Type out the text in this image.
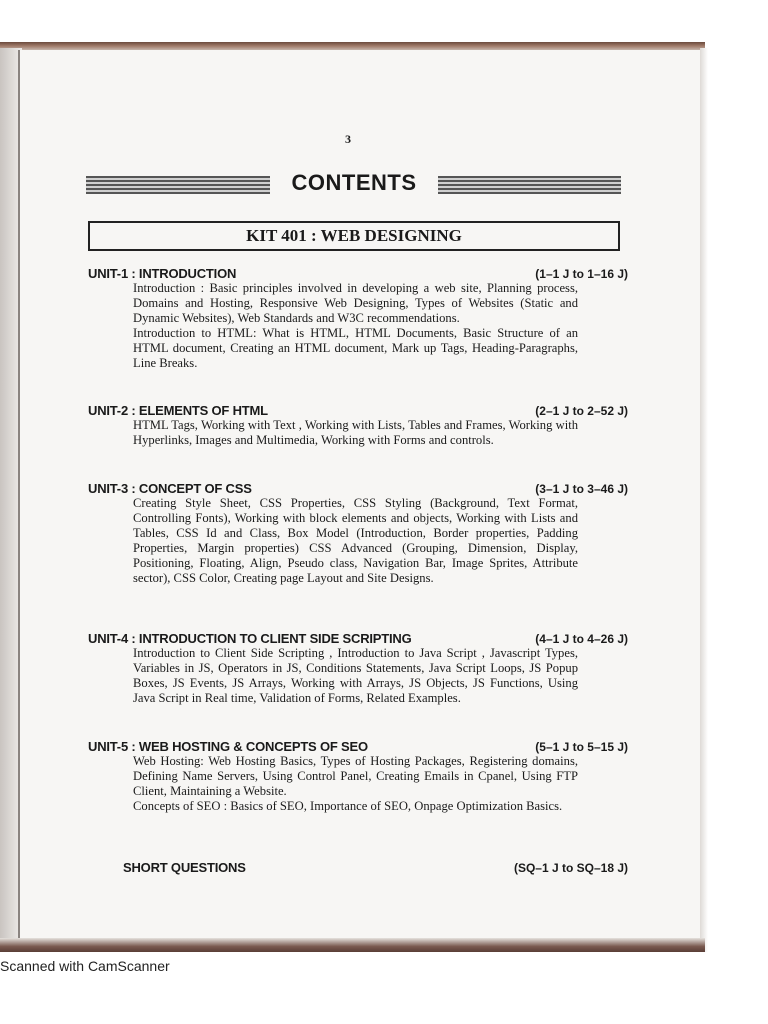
3
CONTENTS
KIT 401 : WEB DESIGNING
UNIT-1 : INTRODUCTION	(1–1 J to 1–16 J)

Introduction : Basic principles involved in developing a web site, Planning process, Domains and Hosting, Responsive Web Designing, Types of Websites (Static and Dynamic Websites), Web Standards and W3C recommendations.

Introduction to HTML: What is HTML, HTML Documents, Basic Structure of an HTML document, Creating an HTML document, Mark up Tags, Heading-Paragraphs, Line Breaks.

UNIT-2 : ELEMENTS OF HTML	(2–1 J to 2–52 J)

HTML Tags, Working with Text , Working with Lists, Tables and Frames, Working with Hyperlinks, Images and Multimedia, Working with Forms and controls.

UNIT-3 : CONCEPT OF CSS	(3–1 J to 3–46 J)

Creating Style Sheet, CSS Properties, CSS Styling (Background, Text Format, Controlling Fonts), Working with block elements and objects, Working with Lists and Tables, CSS Id and Class, Box Model (Introduction, Border properties, Padding Properties, Margin properties) CSS Advanced (Grouping, Dimension, Display, Positioning, Floating, Align, Pseudo class, Navigation Bar, Image Sprites, Attribute sector), CSS Color, Creating page Layout and Site Designs.

UNIT-4 : INTRODUCTION TO CLIENT SIDE SCRIPTING	(4–1 J to 4–26 J)

Introduction to Client Side Scripting , Introduction to Java Script , Javascript Types, Variables in JS, Operators in JS, Conditions Statements, Java Script Loops, JS Popup Boxes, JS Events, JS Arrays, Working with Arrays, JS Objects, JS Functions, Using Java Script in Real time, Validation of Forms, Related Examples.

UNIT-5 : WEB HOSTING & CONCEPTS OF SEO	(5–1 J to 5–15 J)

Web Hosting: Web Hosting Basics, Types of Hosting Packages, Registering domains, Defining Name Servers, Using Control Panel, Creating Emails in Cpanel, Using FTP Client, Maintaining a Website.

Concepts of SEO : Basics of SEO, Importance of SEO, Onpage Optimization Basics.

SHORT QUESTIONS	(SQ–1 J to SQ–18 J)
Scanned with CamScanner
